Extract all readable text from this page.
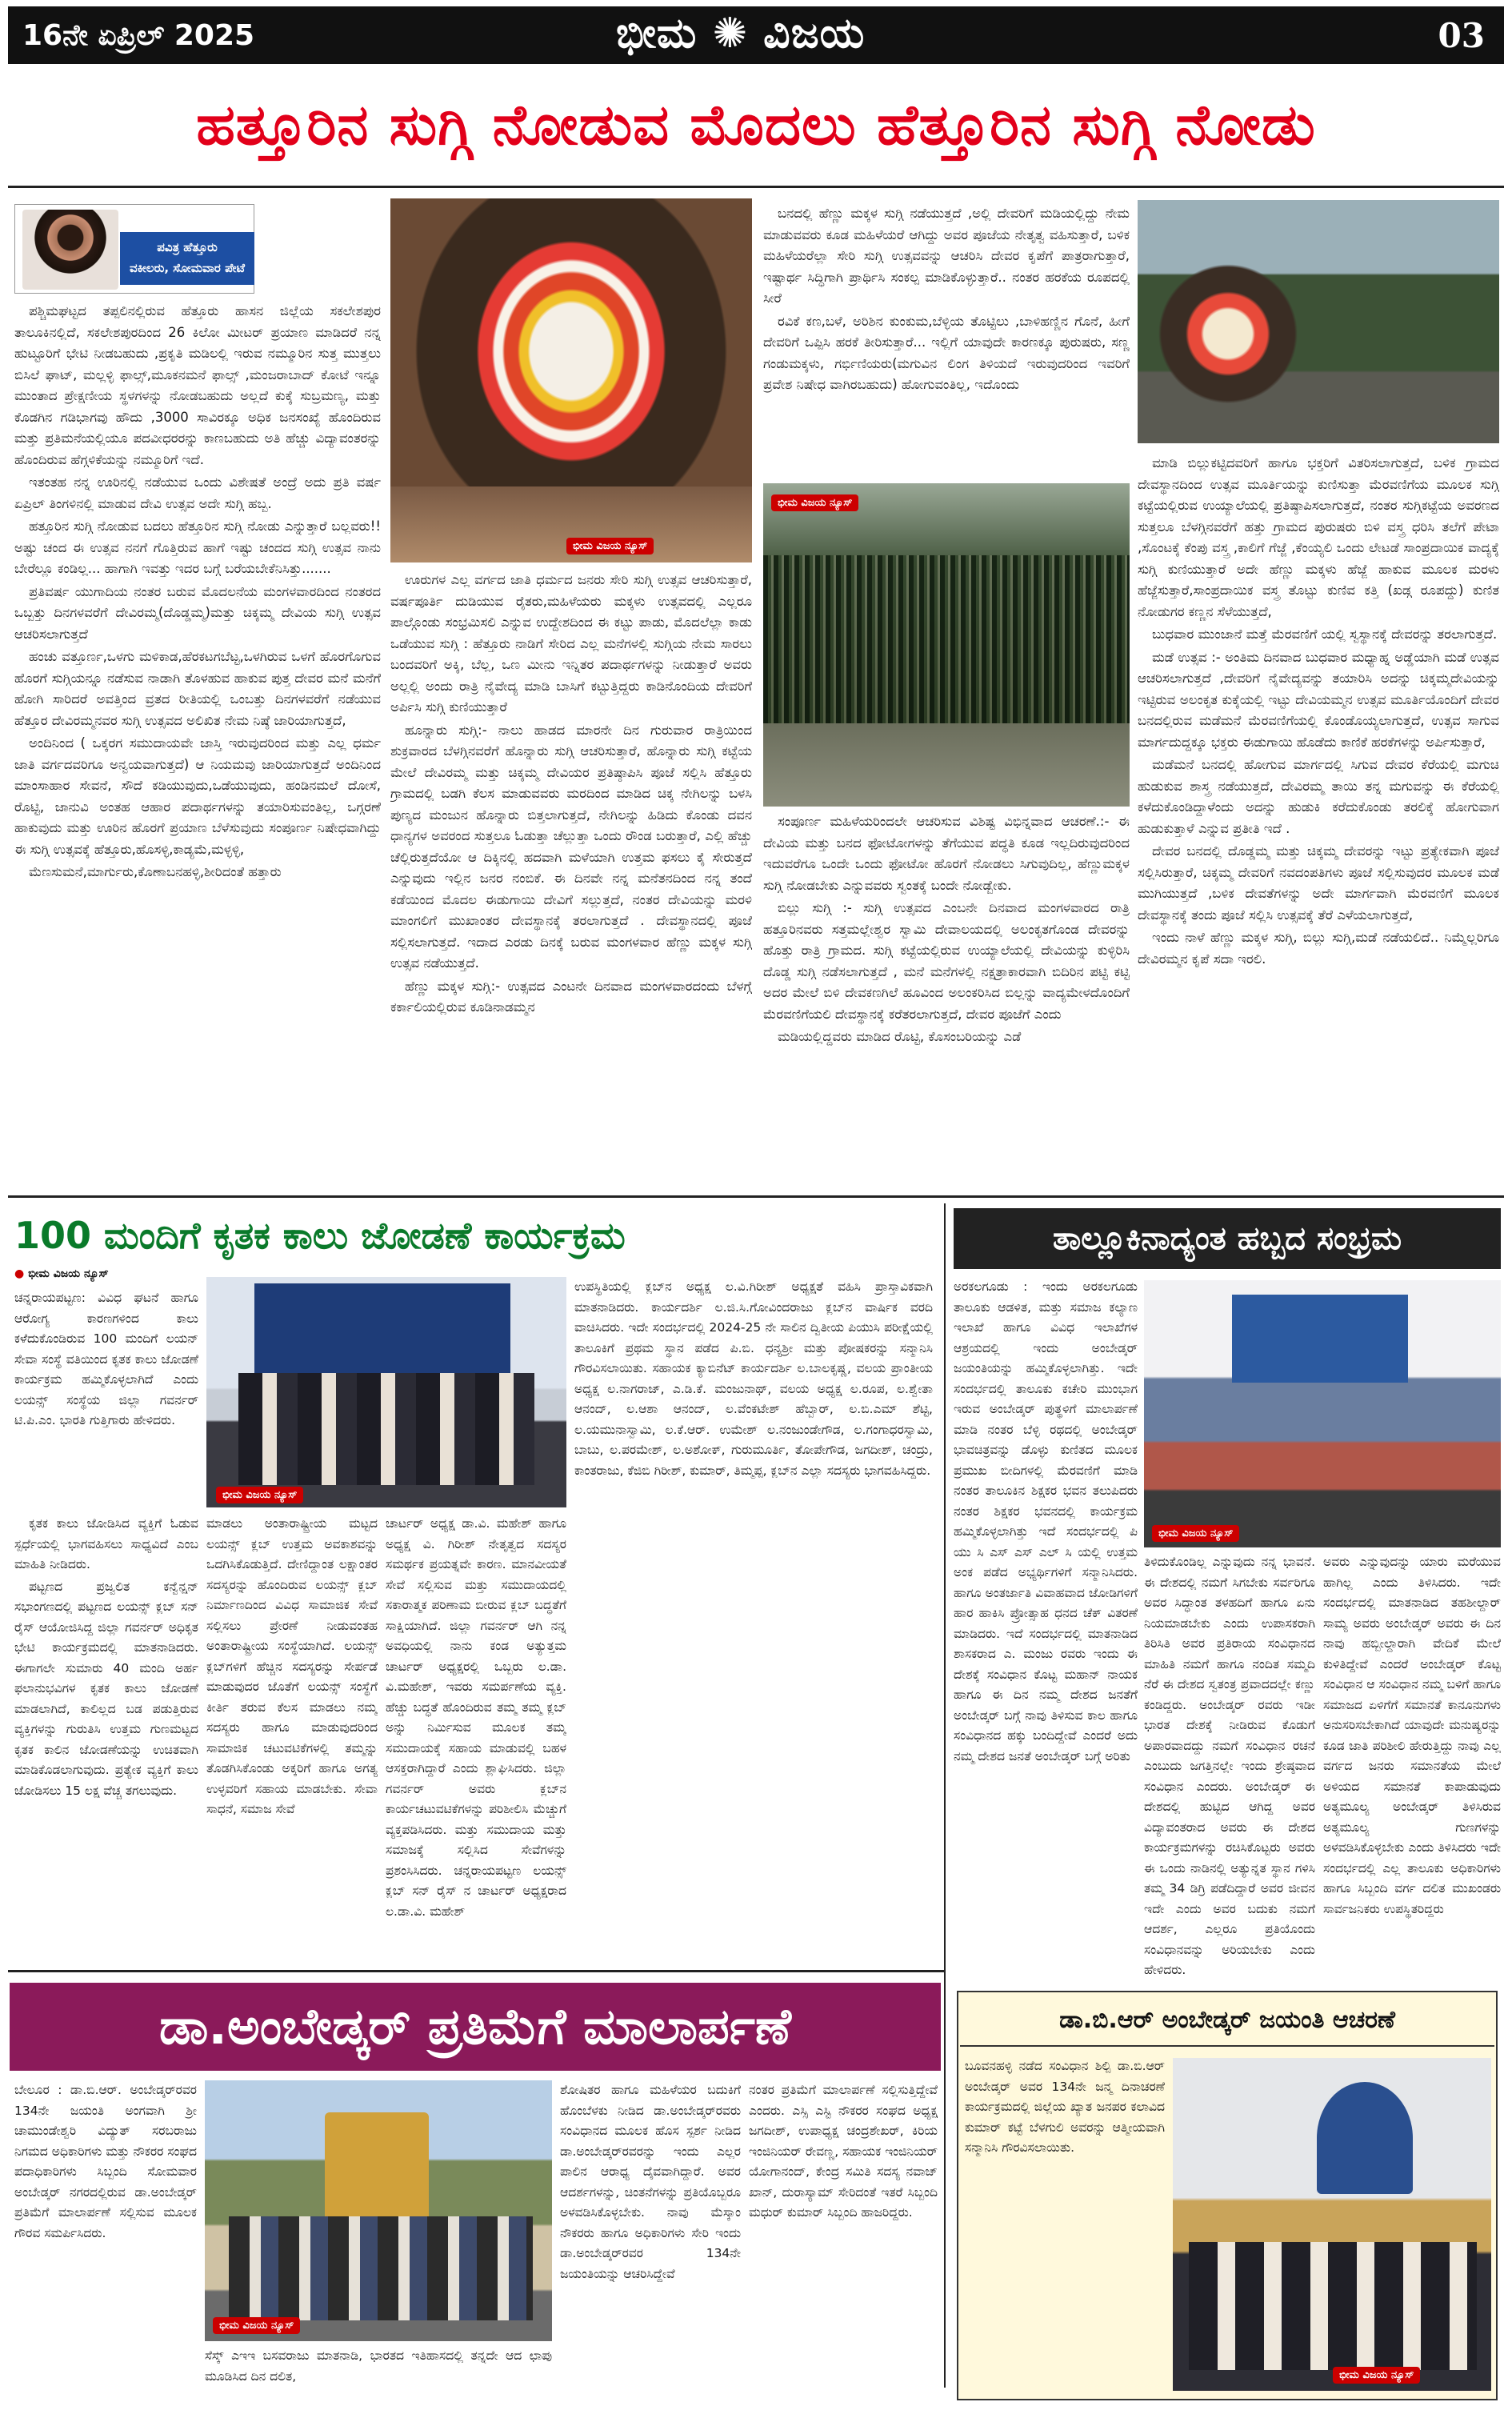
16ನೇ ಏಪ್ರಿಲ್ 2025	ಭೀಮ ✺ ವಿಜಯ	03
ಹತ್ತೂರಿನ ಸುಗ್ಗಿ ನೋಡುವ ಮೊದಲು ಹೆತ್ತೂರಿನ ಸುಗ್ಗಿ ನೋಡು
ಪವಿತ್ರ ಹೆತ್ತೂರು
ವಕೀಲರು, ಸೋಮವಾರ ಪೇಟೆ

ಪಶ್ಚಿಮಘಟ್ಟದ ತಪ್ಪಲಿನಲ್ಲಿರುವ ಹೆತ್ತೂರು ಹಾಸನ ಜಿಲ್ಲೆಯ ಸಕಲೇಶಪುರ ತಾಲೂಕಿನಲ್ಲಿದೆ, ಸಕಲೇಶಪುರದಿಂದ 26 ಕಿಲೋ ಮೀಟರ್ ಪ್ರಯಾಣ ಮಾಡಿದರೆ ನನ್ನ ಹುಟ್ಟೂರಿಗೆ ಭೇಟಿ ನೀಡಬಹುದು ,ಪ್ರಕೃತಿ ಮಡಿಲಲ್ಲಿ ಇರುವ ನಮ್ಮೂರಿನ ಸುತ್ತ ಮುತ್ತಲು ಬಿಸಿಲೆ ಘಾಟ್, ಮಲ್ಲಳ್ಳಿ ಫಾಲ್ಸ್,ಮೂಕನಮನೆ ಫಾಲ್ಸ್ ,ಮಂಜರಾಬಾದ್ ಕೋಟೆ ಇನ್ನೂ ಮುಂತಾದ ಪ್ರೇಕ್ಷಣೀಯ ಸ್ಥಳಗಳನ್ನು ನೋಡಬಹುದು ಅಲ್ಲದೆ ಕುಕ್ಕೆ ಸುಬ್ರಮಣ್ಯ, ಮತ್ತು ಕೊಡಗಿನ ಗಡಿಭಾಗವು ಹೌದು ,3000 ಸಾವಿರಕ್ಕೂ ಅಧಿಕ ಜನಸಂಖ್ಯೆ ಹೊಂದಿರುವ ಮತ್ತು ಪ್ರತಿಮನೆಯಲ್ಲಿಯೂ ಪದವೀಧರರನ್ನು ಕಾಣಬಹುದು ಅತಿ ಹೆಚ್ಚು ವಿದ್ಯಾವಂತರನ್ನು ಹೊಂದಿರುವ ಹೆಗ್ಗಳಿಕೆಯನ್ನು ನಮ್ಮೂರಿಗೆ ಇದೆ.

ಇತಂತಹ ನನ್ನ ಊರಿನಲ್ಲಿ ನಡೆಯುವ ಒಂದು ವಿಶೇಷತೆ ಅಂದ್ರೆ ಅದು ಪ್ರತಿ ವರ್ಷ ಏಪ್ರಿಲ್ ತಿಂಗಳಿನಲ್ಲಿ ಮಾಡುವ ದೇವಿ ಉತ್ಸವ ಅದೇ ಸುಗ್ಗಿ ಹಬ್ಬ.

ಹತ್ತೂರಿನ ಸುಗ್ಗಿ ನೋಡುವ ಬದಲು ಹೆತ್ತೂರಿನ ಸುಗ್ಗಿ ನೋಡು ಎನ್ನುತ್ತಾರೆ ಬಲ್ಲವರು!! ಅಷ್ಟು ಚಂದ ಈ ಉತ್ಸವ ನನಗೆ ಗೊತ್ತಿರುವ ಹಾಗೆ ಇಷ್ಟು ಚಂದದ ಸುಗ್ಗಿ ಉತ್ಸವ ನಾನು ಬೇರೆಲ್ಲೂ ಕಂಡಿಲ್ಲ... ಹಾಗಾಗಿ ಇವತ್ತು ಇದರ ಬಗ್ಗೆ ಬರೆಯಬೇಕೆನಿಸಿತ್ತು.......

ಪ್ರತಿವರ್ಷ ಯುಗಾದಿಯ ನಂತರ ಬರುವ ಮೊದಲನೆಯ ಮಂಗಳವಾರದಿಂದ ನಂತರದ ಒಬ್ಬತ್ತು ದಿನಗಳವರೆಗೆ ದೇವಿರಮ್ಮ(ದೊಡ್ಡಮ್ಮ)ಮತ್ತು ಚಿಕ್ಕಮ್ಮ ದೇವಿಯ ಸುಗ್ಗಿ ಉತ್ಸವ ಆಚರಿಸಲಾಗುತ್ತದೆ

ಹಂಚು ವತ್ತೂರ್ಣ,ಒಳಗು ಮಳಿಕಾಡ,ಹೆರಕಟಗಬೆಟ್ಟ,ಒಳಗಿರುವ ಒಳಗೆ ಹೊರಗೊಗುವ ಹೊರಗೆ ಸುಗ್ಗಿಯನ್ನೂ ನಡೆಸುವ ನಾಡಾಗಿ ತೊಳಹುವ ಹಾಕುವ ಪುತ್ತ ದೇವರ ಮನೆ ಮನೆಗೆ ಹೋಗಿ ಸಾರಿದರೆ ಅವತ್ತಿಂದ ವ್ರತದ ರೀತಿಯಲ್ಲಿ ಒಂಬತ್ತು ದಿನಗಳವರೆಗೆ ನಡೆಯುವ ಹೆತ್ತೂರ ದೇವಿರಮ್ಮನವರ ಸುಗ್ಗಿ ಉತ್ಸವದ ಅಲಿಖಿತ ನೇಮ ನಿಷ್ಠೆ ಜಾರಿಯಾಗುತ್ತದೆ,

ಅಂದಿನಿಂದ ( ಒಕ್ಕರಗ ಸಮುದಾಯವೇ ಜಾಸ್ತಿ ಇರುವುದರಿಂದ ಮತ್ತು ಎಲ್ಲ ಧರ್ಮ ಜಾತಿ ವರ್ಗದವರಿಗೂ ಅನ್ವಯವಾಗುತ್ತದೆ) ಆ ನಿಯಮವು ಜಾರಿಯಾಗುತ್ತದೆ ಅಂದಿನಿಂದ ಮಾಂಸಾಹಾರ ಸೇವನೆ, ಸೌದೆ ಕಡಿಯುವುದು,ಒಡೆಯುವುದು, ಹಂಡಿನಮಲೆ ದೋಸೆ, ರೊಟ್ಟಿ, ಜಾನುವಿ ಅಂತಹ ಆಹಾರ ಪದಾರ್ಥಗಳನ್ನು ತಯಾರಿಸುವಂತಿಲ್ಲ, ಒಗ್ಗರಣೆ ಹಾಕುವುದು ಮತ್ತು ಊರಿನ ಹೊರಗೆ ಪ್ರಯಾಣ ಬೆಳೆಸುವುದು ಸಂಪೂರ್ಣ ನಿಷೇಧವಾಗಿದ್ದು ಈ ಸುಗ್ಗಿ ಉತ್ಸವಕ್ಕೆ ಹೆತ್ತೂರು,ಹೊಸಳ್ಳಿ,ಕಾಡ್ಯಮೆ,ಮಳ್ಳಳ್ಳಿ,

ಮೆಣಸುಮನೆ,ಮಾರ್ಗುರು,ಕೊಣಾಬನಹಳ್ಳಿ,ಶೀರಿದಂತೆ ಹತ್ತಾರು

ಭೀಮ ವಿಜಯ ನ್ಯೂಸ್
ಭೀಮ ವಿಜಯ ನ್ಯೂಸ್

ಊರುಗಳ ಎಲ್ಲ ವರ್ಗದ ಜಾತಿ ಧರ್ಮದ ಜನರು ಸೇರಿ ಸುಗ್ಗಿ ಉತ್ಸವ ಆಚರಿಸುತ್ತಾರೆ, ವರ್ಷಪೂರ್ತಿ ದುಡಿಯುವ ರೈತರು,ಮಹಿಳೆಯರು ಮಕ್ಕಳು ಉತ್ಸವದಲ್ಲಿ ಎಲ್ಲರೂ ಪಾಲ್ಗೊಂಡು ಸಂಭ್ರಮಿಸಲಿ ಎನ್ನುವ ಉದ್ದೇಶದಿಂದ ಈ ಕಟ್ಟು ಪಾಡು, ಮೊದಲೆಲ್ಲಾ ಕಾಡು ಒಡೆಯುವ ಸುಗ್ಗಿ : ಹೆತ್ತೂರು ನಾಡಿಗೆ ಸೇರಿದ ಎಲ್ಲ ಮನೆಗಳಲ್ಲಿ ಸುಗ್ಗಿಯ ನೇಮ ಸಾರಲು ಬಂದವರಿಗೆ ಅಕ್ಕಿ, ಬೆಲ್ಲ, ಒಣ ಮೀನು ಇನ್ನಿತರ ಪದಾರ್ಥಗಳನ್ನು ನೀಡುತ್ತಾರೆ ಅವರು ಅಲ್ಲಲ್ಲಿ ಅಂದು ರಾತ್ರಿ ನೈವೇದ್ಯ ಮಾಡಿ ಬಾಸಿಗೆ ಕಟ್ಟುತ್ತಿದ್ದರು ಕಾಡಿನೊಂದಿಯ ದೇವರಿಗೆ ಅರ್ಪಿಸಿ ಸುಗ್ಗಿ ಕುಣಿಯುತ್ತಾರೆ

ಹೂನ್ನಾರು ಸುಗ್ಗಿ:- ನಾಲು ಹಾಡದ ಮಾರನೇ ದಿನ ಗುರುವಾರ ರಾತ್ರಿಯಿಂದ ಶುಕ್ರವಾರದ ಬೆಳಗ್ಗಿನವರೆಗೆ ಹೊನ್ನಾರು ಸುಗ್ಗಿ ಆಚರಿಸುತ್ತಾರೆ, ಹೊನ್ನಾರು ಸುಗ್ಗಿ ಕಟ್ಟೆಯ ಮೇಲೆ ದೇವಿರಮ್ಮ ಮತ್ತು ಚಿಕ್ಕಮ್ಮ ದೇವಿಯರ ಪ್ರತಿಷ್ಠಾಪಿಸಿ ಪೂಜೆ ಸಲ್ಲಿಸಿ ಹೆತ್ತೂರು ಗ್ರಾಮದಲ್ಲಿ ಬಡಗಿ ಕೆಲಸ ಮಾಡುವವರು ಮರದಿಂದ ಮಾಡಿದ ಚಿಕ್ಕ ನೇಗಿಲನ್ನು ಬಳಸಿ ಪುಣ್ಯದ ಮಂಜುನ ಹೊನ್ನಾರು ಬಿತ್ತಲಾಗುತ್ತದೆ, ನೇಗಿಲನ್ನು ಹಿಡಿದು ಕೊಂಡು ದವನ ಧಾನ್ಯಗಳ ಅವರಂದ ಸುತ್ತಲೂ ಓಡುತ್ತಾ ಚೆಲ್ಲುತ್ತಾ ಒಂದು ರೌಂಡ ಬರುತ್ತಾರೆ, ಎಲ್ಲಿ ಹೆಚ್ಚು ಚೆಲ್ಲಿರುತ್ತದೆಯೋ ಆ ದಿಕ್ಕಿನಲ್ಲಿ ಹದವಾಗಿ ಮಳೆಯಾಗಿ ಉತ್ತಮ ಫಸಲು ಕೈ ಸೇರುತ್ತದೆ ಎನ್ನುವುದು ಇಲ್ಲಿನ ಜನರ ನಂಬಿಕೆ. ಈ ದಿನವೇ ನನ್ನ ಮನೆತನದಿಂದ ನನ್ನ ತಂದೆ ಕಡೆಯಿಂದ ಮೊದಲ ಈಡುಗಾಯಿ ದೇವಿಗೆ ಸಲ್ಲುತ್ತದೆ, ನಂತರ ದೇವಿಯನ್ನು ಮರಳಿ ಮಾಂಗಲಿಗೆ ಮುಖಾಂತರ ದೇವಸ್ಥಾನಕ್ಕೆ ತರಲಾಗುತ್ತದೆ . ದೇವಸ್ಥಾನದಲ್ಲಿ ಪೂಜೆ ಸಲ್ಲಿಸಲಾಗುತ್ತದೆ. ಇದಾದ ಎರಡು ದಿನಕ್ಕೆ ಬರುವ ಮಂಗಳವಾರ ಹೆಣ್ಣು ಮಕ್ಕಳ ಸುಗ್ಗಿ ಉತ್ಸವ ನಡೆಯುತ್ತದೆ.

ಹೆಣ್ಣು ಮಕ್ಕಳ ಸುಗ್ಗಿ:- ಉತ್ಸವದ ಎಂಟನೇ ದಿನವಾದ ಮಂಗಳವಾರದಂದು ಬೆಳಗ್ಗೆ ಕರ್ಕಾಲಿಯಲ್ಲಿರುವ ಕೂಡಿನಾಡಮ್ಮನ

ಬನದಲ್ಲಿ ಹೆಣ್ಣು ಮಕ್ಕಳ ಸುಗ್ಗಿ ನಡೆಯುತ್ತದೆ ,ಅಲ್ಲಿ ದೇವರಿಗೆ ಮಡಿಯಲ್ಲಿದ್ದು ನೇಮ ಮಾಡುವವರು ಕೂಡ ಮಹಿಳೆಯರೆ ಆಗಿದ್ದು ಅವರ ಪೂಜೆಯ ನೇತೃತ್ವ ವಹಿಸುತ್ತಾರೆ, ಬಳಿಕ ಮಹಿಳೆಯರೆಲ್ಲಾ ಸೇರಿ ಸುಗ್ಗಿ ಉತ್ಸವವನ್ನು ಆಚರಿಸಿ ದೇವರ ಕೃಪೆಗೆ ಪಾತ್ರರಾಗುತ್ತಾರೆ, ಇಷ್ಟಾರ್ಥ ಸಿದ್ಧಿಗಾಗಿ ಪ್ರಾರ್ಥಿಸಿ ಸಂಕಲ್ಪ ಮಾಡಿಕೊಳ್ಳುತ್ತಾರೆ.. ನಂತರ ಹರಕೆಯ ರೂಪದಲ್ಲಿ ಸೀರೆ

ರವಿಕೆ ಕಣ,ಬಳೆ, ಅರಿಶಿನ ಕುಂಕುಮ,ಬೆಳ್ಳಿಯ ತೊಟ್ಟಿಲು ,ಬಾಳಿಹಣ್ಣಿನ ಗೊನೆ, ಹೀಗೆ ದೇವರಿಗೆ ಒಪ್ಪಿಸಿ ಹರಕೆ ತೀರಿಸುತ್ತಾರೆ... ಇಲ್ಲಿಗೆ ಯಾವುದೇ ಕಾರಣಕ್ಕೂ ಪುರುಷರು, ಸಣ್ಣ ಗಂಡುಮಕ್ಕಳು, ಗರ್ಭಿಣಿಯರು(ಮಗುವಿನ ಲಿಂಗ ತಿಳಿಯದೆ ಇರುವುದರಿಂದ ಇವರಿಗೆ ಪ್ರವೇಶ ನಿಷೇಧ ವಾಗಿರಬಹುದು) ಹೋಗುವಂತಿಲ್ಲ, ಇದೊಂದು

ಸಂಪೂರ್ಣ ಮಹಿಳೆಯರಿಂದಲೇ ಆಚರಿಸುವ ವಿಶಿಷ್ಟ ವಿಭಿನ್ನವಾದ ಆಚರಣೆ.:- ಈ ದೇವಿಯ ಮತ್ತು ಬನದ ಫೋಟೋಗಳನ್ನು ತೆಗೆಯುವ ಪದ್ಧತಿ ಕೂಡ ಇಲ್ಲದಿರುವುದರಿಂದ ಇದುವರೆಗೂ ಒಂದೇ ಒಂದು ಫೋಟೋ ಹೊರಗೆ ನೋಡಲು ಸಿಗುವುದಿಲ್ಲ, ಹೆಣ್ಣುಮಕ್ಕಳ ಸುಗ್ಗಿ ನೋಡಬೇಕು ಎನ್ನುವವರು ಸ್ವಂತಕ್ಕೆ ಬಂದೇ ನೋಡ್ಬೇಕು.

ಬಿಲ್ಲು ಸುಗ್ಗಿ :- ಸುಗ್ಗಿ ಉತ್ಸವದ ಎಂಬನೇ ದಿನವಾದ ಮಂಗಳವಾರದ ರಾತ್ರಿ ಹತ್ತೂರಿನವರು ಸತ್ತಮಲ್ಲೇಶ್ವರ ಸ್ವಾಮಿ ದೇವಾಲಯದಲ್ಲಿ ಅಲಂಕೃತಗೊಂಡ ದೇವರನ್ನು ಹೊತ್ತು ರಾತ್ರಿ ಗ್ರಾಮದ. ಸುಗ್ಗಿ ಕಟ್ಟೆಯಲ್ಲಿರುವ ಉಯ್ಯಾಲೆಯಲ್ಲಿ ದೇವಿಯನ್ನು ಕುಳ್ಳಿರಿಸಿ ದೊಡ್ಡ ಸುಗ್ಗಿ ನಡೆಸಲಾಗುತ್ತದೆ , ಮನೆ ಮನೆಗಳಲ್ಲಿ ನಕ್ಷತ್ರಾಕಾರವಾಗಿ ಬಿದಿರಿನ ಪಟ್ಟಿ ಕಟ್ಟಿ ಅದರ ಮೇಲೆ ಬಿಳಿ ದೇವಕಣಗಿಲೆ ಹೂವಿಂದ ಅಲಂಕರಿಸಿದ ಬಿಲ್ಲನ್ನು ವಾದ್ಯಮೇಳದೊಂದಿಗೆ ಮೆರವಣಿಗೆಯಲಿ ದೇವಸ್ಥಾನಕ್ಕೆ ಕರೆತರಲಾಗುತ್ತದೆ, ದೇವರ ಪೂಜೆಗೆ ಎಂದು

ಮಡಿಯಲ್ಲಿದ್ದವರು ಮಾಡಿದ ರೊಟ್ಟಿ, ಕೊಸಂಬರಿಯನ್ನು ಎಡೆ

ಮಾಡಿ ಬಿಲ್ಲುಕಟ್ಟಿದವರಿಗೆ ಹಾಗೂ ಭಕ್ತರಿಗೆ ವಿತರಿಸಲಾಗುತ್ತದೆ, ಬಳಿಕ ಗ್ರಾಮದ ದೇವಸ್ಥಾನದಿಂದ ಉತ್ಸವ ಮೂರ್ತಿಯನ್ನು ಕುಣಿಸುತ್ತಾ ಮೆರವಣಿಗೆಯ ಮೂಲಕ ಸುಗ್ಗಿ ಕಟ್ಟೆಯಲ್ಲಿರುವ ಉಯ್ಯಾಲೆಯಲ್ಲಿ ಪ್ರತಿಷ್ಠಾಪಿಸಲಾಗುತ್ತದೆ, ನಂತರ ಸುಗ್ಗಿಕಟ್ಟೆಯ ಅವರಣದ ಸುತ್ತಲೂ ಬೆಳಗ್ಗಿನವರೆಗೆ ಹತ್ತು ಗ್ರಾಮದ ಪುರುಷರು ಬಿಳಿ ವಸ್ತ್ರ ಧರಿಸಿ ತಲೆಗೆ ಪೇಟಾ ,ಸೊಂಟಕ್ಕೆ ಕೆಂಪು ವಸ್ತ್ರ ,ಕಾಲಿಗೆ ಗೆಜ್ಜೆ ,ಕೆಂಯ್ಯಲಿ ಒಂದು ಲೇಟಡೆ ಸಾಂಪ್ರದಾಯಿಕ ವಾದ್ಯಕ್ಕೆ ಸುಗ್ಗಿ ಕುಣಿಯುತ್ತಾರೆ ಅದೇ ಹೆಣ್ಣು ಮಕ್ಕಳು ಹೆಜ್ಜೆ ಹಾಕುವ ಮೂಲಕ ಮರಳು ಹೆಜ್ಜೆಸುತ್ತಾರೆ,ಸಾಂಪ್ರದಾಯಿಕ ವಸ್ತ್ರ ತೊಟ್ಟು ಕುಣಿವ ಕತ್ತಿ (ಖಡ್ಗ ರೂಪದ್ದು) ಕುಣಿತ ನೋಡುಗರ ಕಣ್ಣನ ಸೆಳೆಯುತ್ತದೆ,

ಬುಧವಾರ ಮುಂಜಾನೆ ಮತ್ತೆ ಮೆರವಣಿಗೆ ಯಲ್ಲಿ ಸ್ವಸ್ಥಾನಕ್ಕೆ ದೇವರನ್ನು ತರಲಾಗುತ್ತದೆ.

ಮಡೆ ಉತ್ಸವ :- ಅಂತಿಮ ದಿನವಾದ ಬುಧವಾರ ಮಧ್ಯಾಹ್ನ ಅಡ್ಡೆಯಾಗಿ ಮಡೆ ಉತ್ಸವ ಆಚರಿಸಲಾಗುತ್ತದೆ ,ದೇವರಿಗೆ ನೈವೇದ್ಯವನ್ನು ತಯಾರಿಸಿ ಅದನ್ನು ಚಿಕ್ಕಮ್ಮದೇವಿಯನ್ನು ಇಟ್ಟಿರುವ ಅಲಂಕೃತ ಕುಕ್ಕೆಯಲ್ಲಿ ಇಟ್ಟು ದೇವಿಯಮ್ಮನ ಉತ್ಸವ ಮೂರ್ತಿಯೊಂದಿಗೆ ದೇವರ ಬನದಲ್ಲಿರುವ ಮಡೆಮನೆ ಮೆರವಣಿಗೆಯಲ್ಲಿ ಕೊಂಡೊಯ್ಯಲಾಗುತ್ತದೆ, ಉತ್ಸವ ಸಾಗುವ ಮಾರ್ಗದುದ್ದಕ್ಕೂ ಭಕ್ತರು ಈಡುಗಾಯಿ ಹೊಡೆದು ಕಾಣಿಕೆ ಹರಕೆಗಳನ್ನು ಅರ್ಪಿಸುತ್ತಾರೆ,

ಮಡೆಮನೆ ಬನದಲ್ಲಿ ಹೋಗುವ ಮಾರ್ಗದಲ್ಲಿ ಸಿಗುವ ದೇವರ ಕೆರೆಯಲ್ಲಿ ಮಗುಚಿ ಹುಡುಕುವ ಶಾಸ್ತ್ರ ನಡೆಯುತ್ತದೆ, ದೇವಿರಮ್ಮ ತಾಯಿ ತನ್ನ ಮಗುವನ್ನು ಈ ಕೆರೆಯಲ್ಲಿ ಕಳೆದುಕೊಂಡಿದ್ದಾಳೆಂದು ಅದನ್ನು ಹುಡುಕಿ ಕರೆದುಕೊಂಡು ತರಲಿಕ್ಕೆ ಹೋಗುವಾಗ ಹುಡುಕುತ್ತಾಳೆ ಎನ್ನುವ ಪ್ರತೀತಿ ಇದೆ .

ದೇವರ ಬನದಲ್ಲಿ ದೊಡ್ಡಮ್ಮ ಮತ್ತು ಚಿಕ್ಕಮ್ಮ ದೇವರನ್ನು ಇಟ್ಟು ಪ್ರತ್ಯೇಕವಾಗಿ ಪೂಜೆ ಸಲ್ಲಿಸಿರುತ್ತಾರೆ, ಚಿಕ್ಕಮ್ಮ ದೇವರಿಗೆ ನವದಂಪತಿಗಳು ಪೂಜೆ ಸಲ್ಲಿಸುವುದರ ಮೂಲಕ ಮಡೆ ಮುಗಿಯುತ್ತದೆ ,ಬಳಿಕ ದೇವತೆಗಳನ್ನು ಅದೇ ಮಾರ್ಗವಾಗಿ ಮೆರವಣಿಗೆ ಮೂಲಕ ದೇವಸ್ಥಾನಕ್ಕೆ ತಂದು ಪೂಜೆ ಸಲ್ಲಿಸಿ ಉತ್ಸವಕ್ಕೆ ತೆರೆ ಎಳೆಯಲಾಗುತ್ತದೆ,

ಇಂದು ನಾಳೆ ಹೆಣ್ಣು ಮಕ್ಕಳ ಸುಗ್ಗಿ, ಬಿಲ್ಲು ಸುಗ್ಗಿ,ಮಡೆ ನಡೆಯಲಿದೆ.. ನಿಮ್ಮೆಲ್ಲರಿಗೂ ದೇವಿರಮ್ಮನ ಕೃಪೆ ಸದಾ ಇರಲಿ.

100 ಮಂದಿಗೆ ಕೃತಕ ಕಾಲು ಜೋಡಣೆ ಕಾರ್ಯಕ್ರಮ
● ಭೀಮ ವಿಜಯ ನ್ಯೂಸ್
ಚನ್ನರಾಯಪಟ್ಟಣ: ವಿವಿಧ ಘಟನೆ ಹಾಗೂ ಆರೋಗ್ಯ ಕಾರಣಗಳಿಂದ ಕಾಲು ಕಳೆದುಕೊಂಡಿರುವ 100 ಮಂದಿಗೆ ಲಯನ್ ಸೇವಾ ಸಂಸ್ಥೆ ವತಿಯಿಂದ ಕೃತಕ ಕಾಲು ಜೋಡಣೆ ಕಾರ್ಯಕ್ರಮ ಹಮ್ಮಿಕೊಳ್ಳಲಾಗಿದೆ ಎಂದು ಲಯನ್ಸ್ ಸಂಸ್ಥೆಯ ಜಿಲ್ಲಾ ಗವರ್ನರ್ ಟಿ.ಪಿ.ಎಂ. ಭಾರತಿ ಗುತ್ತಿಗಾರು ಹೇಳಿದರು.
ಭೀಮ ವಿಜಯ ನ್ಯೂಸ್

ಕೃತಕ ಕಾಲು ಜೋಡಿಸಿದ ವ್ಯಕ್ತಿಗೆ ಓಡುವ ಸ್ಪರ್ಧೆಯಲ್ಲಿ ಭಾಗವಹಿಸಲು ಸಾಧ್ಯವಿದೆ ಎಂಬ ಮಾಹಿತಿ ನೀಡಿದರು.

ಪಟ್ಟಣದ ಪ್ರಜ್ವಲಿತ ಕನ್ವೆನ್ಷನ್ ಸಭಾಂಗಣದಲ್ಲಿ ಪಟ್ಟಣದ ಲಯನ್ಸ್ ಕ್ಲಬ್ ಸನ್ ರೈಸ್ ಆಯೋಜಿಸಿದ್ದ ಜಿಲ್ಲಾ ಗವರ್ನರ್ ಅಧಿಕೃತ ಭೇಟಿ ಕಾರ್ಯಕ್ರಮದಲ್ಲಿ ಮಾತನಾಡಿದರು. ಈಗಾಗಲೇ ಸುಮಾರು 40 ಮಂದಿ ಅರ್ಹ ಫಲಾನುಭವಿಗಳ ಕೃತಕ ಕಾಲು ಜೋಡಣೆ ಮಾಡಲಾಗಿದೆ, ಕಾಲಿಲ್ಲದ ಬಡ ಪಡುತ್ತಿರುವ ವ್ಯಕ್ತಿಗಳನ್ನು ಗುರುತಿಸಿ ಉತ್ತಮ ಗುಣಮಟ್ಟದ ಕೃತಕ ಕಾಲಿನ ಜೋಡಣೆಯನ್ನು ಉಚಿತವಾಗಿ ಮಾಡಿಕೊಡಲಾಗುವುದು. ಪ್ರತ್ಯೇಕ ವ್ಯಕ್ತಿಗೆ ಕಾಲು ಜೋಡಿಸಲು 15 ಲಕ್ಷ ವೆಚ್ಚ ತಗಲುವುದು.

ಮಾಡಲು ಅಂತಾರಾಷ್ಟ್ರೀಯ ಮಟ್ಟದ ಲಯನ್ಸ್ ಕ್ಲಬ್ ಉತ್ತಮ ಅವಕಾಶವನ್ನು ಒದಗಿಸಿಕೊಡುತ್ತಿದೆ. ದೇಣಿದ್ದಾಂತ ಲಕ್ಷಾಂತರ ಸದಸ್ಯರನ್ನು ಹೊಂದಿರುವ ಲಯನ್ಸ್ ಕ್ಲಬ್ ನಿರ್ಮಾಣದಿಂದ ವಿವಿಧ ಸಾಮಾಜಿಕ ಸೇವೆ ಸಲ್ಲಿಸಲು ಪ್ರೇರಣೆ ನೀಡುವಂತಹ ಅಂತಾರಾಷ್ಟ್ರೀಯ ಸಂಸ್ಥೆಯಾಗಿದೆ. ಲಯನ್ಸ್ ಕ್ಲಬ್‌ಗಳಿಗೆ ಹೆಚ್ಚಿನ ಸದಸ್ಯರನ್ನು ಸೇರ್ಪಡೆ ಮಾಡುವುದರ ಜೊತೆಗೆ ಲಯನ್ಸ್ ಸಂಸ್ಥೆಗೆ ಕೀರ್ತಿ ತರುವ ಕೆಲಸ ಮಾಡಲು ನಮ್ಮ ಸದಸ್ಯರು ಹಾಗೂ ಮಾಡುವುದರಿಂದ ಸಾಮಾಜಿಕ ಚಟುವಟಿಕೆಗಳಲ್ಲಿ ತಮ್ಮನ್ನು ತೊಡಗಿಸಿಕೊಂಡು ಅಕ್ಕರಿಗೆ ಹಾಗೂ ಅಗತ್ಯ ಉಳ್ಳವರಿಗೆ ಸಹಾಯ ಮಾಡಬೇಕು. ಸೇವಾ ಸಾಧನೆ, ಸಮಾಜ ಸೇವೆ
ಚಾರ್ಟರ್ ಅಧ್ಯಕ್ಷ ಡಾ.ವಿ. ಮಹೇಶ್ ಹಾಗೂ ಅಧ್ಯಕ್ಷ ವಿ. ಗಿರೀಶ್ ನೇತೃತ್ವದ ಸದಸ್ಯರ ಸಮರ್ಥಕ ಪ್ರಯತ್ನವೇ ಕಾರಣ. ಮಾನವೀಯತೆ ಸೇವೆ ಸಲ್ಲಿಸುವ ಮತ್ತು ಸಮುದಾಯದಲ್ಲಿ ಸಕಾರಾತ್ಮಕ ಪರಿಣಾಮ ಬೀರುವ ಕ್ಲಬ್ ಬದ್ಧತೆಗೆ ಸಾಕ್ಷಿಯಾಗಿದೆ. ಜಿಲ್ಲಾ ಗವರ್ನರ್ ಆಗಿ ನನ್ನ ಅವಧಿಯಲ್ಲಿ ನಾನು ಕಂಡ ಅತ್ಯುತ್ತಮ ಚಾರ್ಟರ್ ಅಧ್ಯಕ್ಷರಲ್ಲಿ ಒಬ್ಬರು ಲ.ಡಾ. ವಿ.ಮಹೇಶ್, ಇವರು ಸಮರ್ಪಣೆಯ ವ್ಯಕ್ತಿ. ಹೆಚ್ಚು ಬದ್ಧತೆ ಹೊಂದಿರುವ ತಮ್ಮ ತಮ್ಮ ಕ್ಲಬ್ ಅನ್ನು ನಿರ್ಮಿಸುವ ಮೂಲಕ ತಮ್ಮ ಸಮುದಾಯಕ್ಕೆ ಸಹಾಯ ಮಾಡುವಲ್ಲಿ ಬಹಳ ಆಸಕ್ತರಾಗಿದ್ದಾರೆ ಎಂದು ಶ್ಲಾಘಿಸಿದರು. ಜಿಲ್ಲಾ ಗವರ್ನರ್ ಅವರು ಕ್ಲಬ್‌ನ ಕಾರ್ಯಚಟುವಟಿಕೆಗಳನ್ನು ಪರಿಶೀಲಿಸಿ ಮೆಚ್ಚುಗೆ ವ್ಯಕ್ತಪಡಿಸಿದರು. ಮತ್ತು ಸಮುದಾಯ ಮತ್ತು ಸಮಾಜಕ್ಕೆ ಸಲ್ಲಿಸಿದ ಸೇವೆಗಳನ್ನು ಪ್ರಶಂಸಿಸಿದರು. ಚನ್ನರಾಯಪಟ್ಟಣ ಲಯನ್ಸ್ ಕ್ಲಬ್ ಸನ್ ರೈಸ್ ನ ಚಾರ್ಟರ್ ಅಧ್ಯಕ್ಷರಾದ ಲ.ಡಾ.ವಿ. ಮಹೇಶ್
ಉಪಸ್ಥಿತಿಯಲ್ಲಿ ಕ್ಲಬ್‌ನ ಅಧ್ಯಕ್ಷ ಲ.ವಿ.ಗಿರೀಶ್ ಅಧ್ಯಕ್ಷತೆ ವಹಿಸಿ ಪ್ರಾಸ್ತಾವಿಕವಾಗಿ ಮಾತನಾಡಿದರು. ಕಾರ್ಯದರ್ಶಿ ಲ.ಜಿ.ಸಿ.ಗೋವಿಂದರಾಜು ಕ್ಲಬ್‌ನ ವಾರ್ಷಿಕ ವರದಿ ವಾಚಿಸಿದರು. ಇದೇ ಸಂದರ್ಭದಲ್ಲಿ 2024-25 ನೇ ಸಾಲಿನ ದ್ವಿತೀಯ ಪಿಯುಸಿ ಪರೀಕ್ಷೆಯಲ್ಲಿ ತಾಲೂಕಿಗೆ ಪ್ರಥಮ ಸ್ಥಾನ ಪಡೆದ ಪಿ.ಬಿ. ಧನ್ಯಶ್ರೀ ಮತ್ತು ಪೋಷಕರನ್ನು ಸನ್ಮಾನಿಸಿ ಗೌರವಿಸಲಾಯಿತು. ಸಹಾಯಕ ಕ್ಯಾಬಿನೆಟ್ ಕಾರ್ಯದರ್ಶಿ ಲ.ಬಾಲಕೃಷ್ಣ, ವಲಯ ಪ್ರಾಂತೀಯ ಅಧ್ಯಕ್ಷ ಲ.ನಾಗರಾಜ್, ಎ.ಡಿ.ಕೆ. ಮಂಜುನಾಥ್, ವಲಯ ಅಧ್ಯಕ್ಷ ಲ.ರೂಪ, ಲ.ಶ್ವೇತಾ ಆನಂದ್, ಲ.ಆಶಾ ಆನಂದ್, ಲ.ವೆಂಕಟೇಶ್ ಹೆಬ್ಬಾರ್, ಲ.ಬಿ.ಎಮ್ ಶೆಟ್ಟಿ, ಲ.ಯಮುನಾಸ್ವಾಮಿ, ಲ.ಕೆ.ಆರ್. ಉಮೇಶ್ ಲ.ನಂಜುಂಡೇಗೌಡ, ಲ.ಗಂಗಾಧರಸ್ವಾಮಿ, ಬಾಬು, ಲ.ಪರಮೇಶ್, ಲ.ಅಶೋಕ್, ಗುರುಮೂರ್ತಿ, ತೋಪೇಗೌಡ, ಜಗದೀಶ್, ಚಂದ್ರು, ಕಾಂತರಾಜು, ಕೆಜಿಬಿ ಗಿರೀಶ್, ಕುಮಾರ್, ತಿಮ್ಮಪ್ಪ, ಕ್ಲಬ್‌ನ ಎಲ್ಲಾ ಸದಸ್ಯರು ಭಾಗವಹಿಸಿದ್ದರು.
ತಾಲ್ಲೂಕಿನಾದ್ಯಂತ ಹಬ್ಬದ ಸಂಭ್ರಮ
ಅರಕಲಗೂಡು : ಇಂದು ಅರಕಲಗೂಡು ತಾಲೂಕು ಆಡಳಿತ, ಮತ್ತು ಸಮಾಜ ಕಲ್ಯಾಣ ಇಲಾಖೆ ಹಾಗೂ ವಿವಿಧ ಇಲಾಖೆಗಳ ಆಶ್ರಯದಲ್ಲಿ ಇಂದು ಅಂಬೇಡ್ಕರ್ ಜಯಂತಿಯನ್ನು ಹಮ್ಮಿಕೊಳ್ಳಲಾಗಿತ್ತು. ಇದೇ ಸಂದರ್ಭದಲ್ಲಿ ತಾಲೂಕು ಕಚೇರಿ ಮುಂಭಾಗ ಇರುವ ಅಂಬೇಡ್ಕರ್ ಪುತ್ಥಳಿಗೆ ಮಾಲಾರ್ಪಣೆ ಮಾಡಿ ನಂತರ ಬೆಳ್ಳಿ ರಥದಲ್ಲಿ ಅಂಬೇಡ್ಕರ್ ಭಾವಚಿತ್ರವನ್ನು ಡೊಳ್ಳು ಕುಣಿತದ ಮೂಲಕ ಪ್ರಮುಖ ಬೀದಿಗಳಲ್ಲಿ ಮೆರವಣಿಗೆ ಮಾಡಿ ನಂತರ ತಾಲೂಕಿನ ಶಿಕ್ಷಕರ ಭವನ ತಲುಪಿದರು ನಂತರ ಶಿಕ್ಷಕರ ಭವನದಲ್ಲಿ ಕಾರ್ಯಕ್ರಮ ಹಮ್ಮಿಕೊಳ್ಳಲಾಗಿತ್ತು ಇದೆ ಸಂದರ್ಭದಲ್ಲಿ ಪಿ ಯು ಸಿ ಎಸ್ ಎಸ್ ಎಲ್ ಸಿ ಯಲ್ಲಿ ಉತ್ತಮ ಅಂಕ ಪಡೆದ ಅಭ್ಯರ್ಥಿಗಳಿಗೆ ಸನ್ಮಾನಿಸಿದರು. ಹಾಗೂ ಅಂತರ್ಜಾತಿ ವಿವಾಹವಾದ ಜೋಡಿಗಳಿಗೆ ಹಾರ ಹಾಕಿಸಿ ಪ್ರೋತ್ಸಾಹ ಧನದ ಚೆಕ್ ವಿತರಣೆ ಮಾಡಿದರು. ಇದೆ ಸಂದರ್ಭದಲ್ಲಿ ಮಾತನಾಡಿದ ಶಾಸಕರಾದ ಎ. ಮಂಜು ರವರು ಇಂದು ಈ ದೇಶಕ್ಕೆ ಸಂವಿಧಾನ ಕೊಟ್ಟ ಮಹಾನ್ ನಾಯಕ ಹಾಗೂ ಈ ದಿನ ನಮ್ಮ ದೇಶದ ಜನತೆಗೆ ಅಂಬೇಡ್ಕರ್ ಬಗ್ಗೆ ನಾವು ತಿಳಿಸುವ ಕಾಲ ಹಾಗೂ ಸಂವಿಧಾನದ ಹಕ್ಕು ಬಂದಿದ್ದೇವೆ ಎಂದರೆ ಅದು ನಮ್ಮ ದೇಶದ ಜನತೆ ಅಂಬೇಡ್ಕರ್ ಬಗ್ಗೆ ಅರಿತು
ಭೀಮ ವಿಜಯ ನ್ಯೂಸ್
ತಿಳಿದುಕೊಂಡಿಲ್ಲ ಎನ್ನುವುದು ನನ್ನ ಭಾವನೆ. ಈ ದೇಶದಲ್ಲಿ ನಮಗೆ ಸಿಗಬೇಕು ಸರ್ವರಿಗೂ ಅವರ ಸಿದ್ಧಾಂತ ತಳಹದಿಗೆ ಹಾಗೂ ಏನು ನಿಯಮಾಡಬೇಕು ಎಂದು ಉಪಾಸಕರಾಗಿ ತಿರಿಸಿತಿ ಅವರ ಪ್ರತಿರಾಯ ಸಂವಿಧಾನದ ಮಾಹಿತಿ ನಮಗೆ ಹಾಗೂ ನಂದಿತ ಸಮ್ಮದಿ ನೆರೆ ಈ ದೇಶದ ಸ್ವತಂತ್ರ ಪ್ರವಾದದಲ್ಲೇ ಕಣ್ಣು ಕಂಡಿದ್ದರು. ಅಂಬೇಡ್ಕರ್ ರವರು ಇಡೀ ಭಾರತ ದೇಶಕ್ಕೆ ನೀಡಿರುವ ಕೊಡುಗೆ ಅಪಾರವಾದದ್ದು ನಮಗೆ ಸಂವಿಧಾನ ರಚನೆ ಎಂಬುದು ಜಗತ್ತಿನಲ್ಲೇ ಇಂದು ಶ್ರೇಷ್ಠವಾದ ಸಂವಿಧಾನ ಎಂದರು. ಅಂಬೇಡ್ಕರ್ ಈ ದೇಶದಲ್ಲಿ ಹುಟ್ಟಿದ ಆಗಿದ್ದ ಅವರ ವಿದ್ಯಾವಂತರಾದ ಅವರು ಈ ದೇಶದ ಕಾರ್ಯಕ್ರಮಗಳನ್ನು ರಚಿಸಿಕೊಟ್ಟರು ಅವರು ಈ ಒಂದು ನಾಡಿನಲ್ಲಿ ಅತ್ಯುನ್ನತ ಸ್ಥಾನ ಗಳಿಸಿ ತಮ್ಮ 34 ಡಿಗ್ರಿ ಪಡೆದಿದ್ದಾರೆ ಅವರ ಜೀವನ ಇದೇ ಎಂದು ಅವರ ಬದುಕು ನಮಗೆ ಆದರ್ಶ, ಎಲ್ಲರೂ ಪ್ರತಿಯೊಂದು ಸಂವಿಧಾನವನ್ನು ಅರಿಯಬೇಕು ಎಂದು ಹೇಳಿದರು.
ಅವರು ಎನ್ನುವುದನ್ನು ಯಾರು ಮರೆಯುವ ಹಾಗಿಲ್ಲ ಎಂದು ತಿಳಿಸಿದರು. ಇದೇ ಸಂದರ್ಭದಲ್ಲಿ ಮಾತನಾಡಿದ ತಹಶೀಲ್ದಾರ್ ಸಾಮ್ಯ ಅವರು ಅಂಬೇಡ್ಕರ್ ಅವರು ಈ ದಿನ ನಾವು ಹಬ್ಬೀಲ್ದಾರಾಗಿ ವೇದಿಕೆ ಮೇಲೆ ಕುಳಿತಿದ್ದೇವೆ ಎಂದರೆ ಅಂಬೇಡ್ಕರ್ ಕೊಟ್ಟ ಸಂವಿಧಾನ ಆ ಸಂವಿಧಾನ ನಮ್ಮ ಬಳಿಗೆ ಹಾಗೂ ಸಮಾಜದ ಏಳಿಗೆಗೆ ಸಮಾನತೆ ಕಾನೂನುಗಳು ಅನುಸರಿಸಬೇಕಾಗಿದೆ ಯಾವುದೇ ಮನುಷ್ಯರನ್ನು ಕೂಡ ಜಾತಿ ಪರಿಶೀಲಿ ಹೇರುತ್ತಿದ್ದು ನಾವು ಎಲ್ಲ ವರ್ಗದ ಜನರು ಸಮಾನತೆಯ ಮೇಲೆ ಅಳಿಯದ ಸಮಾನತೆ ಕಾಪಾಡುವುದು ಅತ್ಯಮೂಲ್ಯ ಅಂಬೇಡ್ಕರ್ ತಿಳಿಸಿರುವ ಅತ್ಯಮೂಲ್ಯ ಗುಣಗಳನ್ನು ಅಳವಡಿಸಿಕೊಳ್ಳಬೇಕು ಎಂದು ತಿಳಿಸಿದರು ಇದೇ ಸಂದರ್ಭದಲ್ಲಿ ಎಲ್ಲ ತಾಲೂಕು ಅಧಿಕಾರಿಗಳು ಹಾಗೂ ಸಿಬ್ಬಂದಿ ವರ್ಗ ದಲಿತ ಮುಖಂಡರು ಸಾರ್ವಜನಿಕರು ಉಪಸ್ಥಿತರಿದ್ದರು
ಡಾ.ಅಂಬೇಡ್ಕರ್ ಪ್ರತಿಮೆಗೆ ಮಾಲಾರ್ಪಣೆ
ಬೇಲೂರ : ಡಾ.ಬಿ.ಆರ್. ಅಂಬೇಡ್ಕರ್‌ರವರ 134ನೇ ಜಯಂತಿ ಅಂಗವಾಗಿ ಶ್ರೀ ಚಾಮುಂಡೇಶ್ವರಿ ವಿದ್ಯುತ್ ಸರಬರಾಜು ನಿಗಮದ ಅಧಿಕಾರಿಗಳು ಮತ್ತು ನೌಕರರ ಸಂಘದ ಪದಾಧಿಕಾರಿಗಳು ಸಿಬ್ಬಂದಿ ಸೋಮವಾರ ಅಂಬೇಡ್ಕರ್ ನಗರದಲ್ಲಿರುವ ಡಾ.ಅಂಬೇಡ್ಕರ್ ಪ್ರತಿಮೆಗೆ ಮಾಲಾರ್ಪಣೆ ಸಲ್ಲಿಸುವ ಮೂಲಕ ಗೌರವ ಸಮರ್ಪಿಸಿದರು.
ಭೀಮ ವಿಜಯ ನ್ಯೂಸ್
ಸೆಸ್ಕ್ ಎಇಇ ಬಸವರಾಜು ಮಾತನಾಡಿ, ಭಾರತದ ಇತಿಹಾಸದಲ್ಲಿ ತನ್ನದೇ ಆದ ಛಾಪು ಮೂಡಿಸಿದ ದಿನ ದಲಿತ,
ಶೋಷಿತರ ಹಾಗೂ ಮಹಿಳೆಯರ ಬದುಕಿಗೆ ಹೊಂಬೆಳಕು ನೀಡಿದ ಡಾ.ಅಂಬೇಡ್ಕರ್‌ರವರು ಸಂವಿಧಾನದ ಮೂಲಕ ಹೊಸ ಸ್ಪರ್ಶ ನೀಡಿದ ಡಾ.ಅಂಬೇಡ್ಕರ್‌ರವರನ್ನು ಇಂದು ಎಲ್ಲರ ಪಾಲಿನ ಆರಾಧ್ಯ ದೈವವಾಗಿದ್ದಾರೆ. ಅವರ ಆದರ್ಶಗಳನ್ನು, ಚಿಂತನೆಗಳನ್ನು ಪ್ರತಿಯೊಬ್ಬರೂ ಅಳವಡಿಸಿಕೊಳ್ಳಬೇಕು. ನಾವು ಮೆಸ್ಕಾಂ ನೌಕರರು ಹಾಗೂ ಅಧಿಕಾರಿಗಳು ಸೇರಿ ಇಂದು ಡಾ.ಅಂಬೇಡ್ಕರ್‌ರವರ 134ನೇ ಜಯಂತಿಯನ್ನು ಆಚರಿಸಿದ್ದೇವೆ
ನಂತರ ಪ್ರತಿಮೆಗೆ ಮಾಲಾರ್ಪಣೆ ಸಲ್ಲಿಸುತ್ತಿದ್ದೇವೆ ಎಂದರು. ಎಸ್ಸಿ ಎಸ್ಟಿ ನೌಕರರ ಸಂಘದ ಅಧ್ಯಕ್ಷ ಜಗದೀಶ್, ಉಪಾಧ್ಯಕ್ಷ ಚಂದ್ರಶೇಖರ್, ಕಿರಿಯ ಇಂಜಿನಿಯರ್ ರೇವಣ್ಣ, ಸಹಾಯಕ ಇಂಜಿನಿಯರ್ ಯೋಗಾನಂದ್, ಕೇಂದ್ರ ಸಮಿತಿ ಸದಸ್ಯ ನವಾಜ್ ಖಾನ್, ದುರಾಸ್ಯಾಮ್ ಸೇರಿದಂತೆ ಇತರೆ ಸಿಬ್ಬಂದಿ ಮಧುರ್ ಕುಮಾರ್ ಸಿಬ್ಬಂದಿ ಹಾಜರಿದ್ದರು.
ಡಾ.ಬಿ.ಆರ್ ಅಂಬೇಡ್ಕರ್ ಜಯಂತಿ ಆಚರಣೆ
ಬೂವನಹಳ್ಳಿ ನಡೆದ ಸಂವಿಧಾನ ಶಿಲ್ಪಿ ಡಾ.ಬಿ.ಆರ್ ಅಂಬೇಡ್ಕರ್ ಅವರ 134ನೇ ಜನ್ಮ ದಿನಾಚರಣೆ ಕಾರ್ಯಕ್ರಮದಲ್ಲಿ ಜಿಲ್ಲೆಯ ಖ್ಯಾತ ಜನಪರ ಕಲಾವಿದ ಕುಮಾರ್ ಕಟ್ಟೆ ಬೆಳಗುಲಿ ಅವರನ್ನು ಆತ್ಮೀಯವಾಗಿ ಸನ್ಮಾನಿಸಿ ಗೌರವಿಸಲಾಯಿತು.
ಭೀಮ ವಿಜಯ ನ್ಯೂಸ್
